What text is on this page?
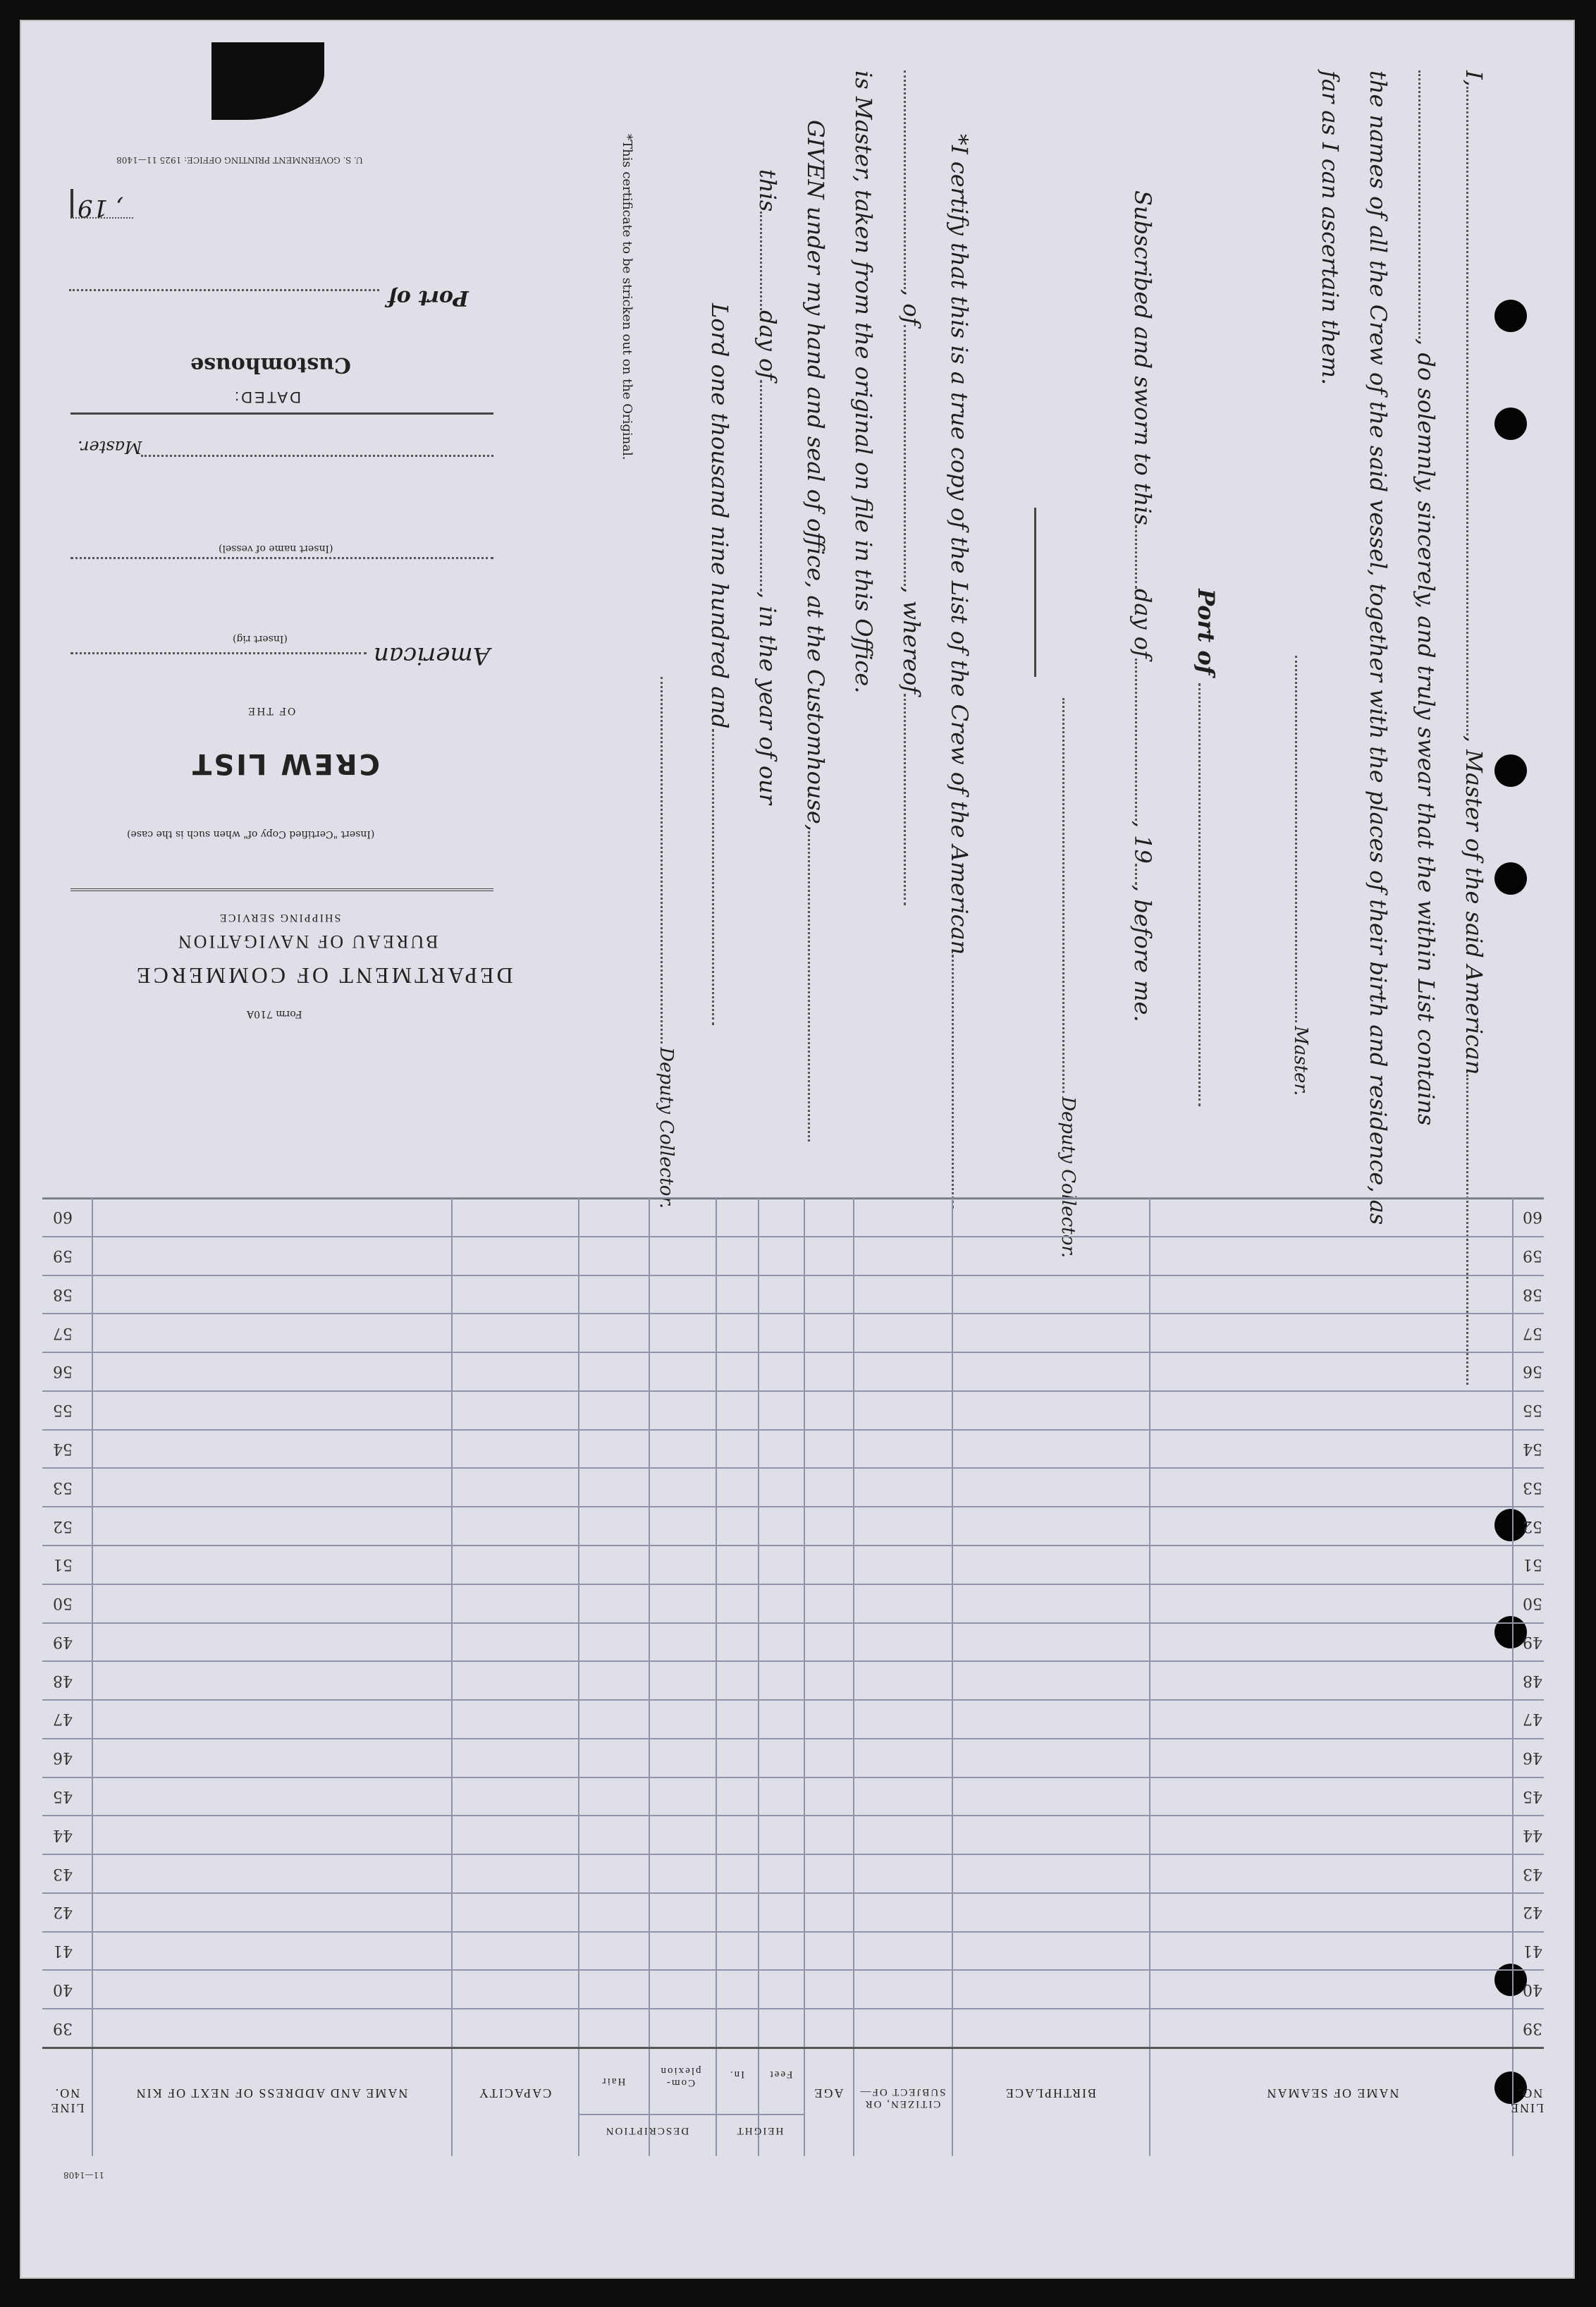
I,, Master of the said American
, do solemnly, sincerely, and truly swear that the within List contains
the names of all the Crew of the said vessel, together with the places of their birth and residence, as
far as I can ascertain them.
Master.
Port of
Subscribed and sworn to thisday of, 19, before me.
Deputy Collector.
*I certify that this is a true copy of the List of the Crew of the American
, of, whereof
is Master, taken from the original on file in this Office.
GIVEN under my hand and seal of office, at the Customhouse,
thisday of, in the year of our
Lord one thousand nine hundred and
Deputy Collector.
*This certificate to be stricken out on the Original.
U. S. GOVERNMENT PRINTING OFFICE: 1925 11—1408
, 19
Port of
Customhouse
DATED:
Master.
(Insert name of vessel)
(Insert rig)
American
OF THE
CREW LIST
(Insert "Certified Copy of" when such is the case)
SHIPPING SERVICE
BUREAU OF NAVIGATION
DEPARTMENT OF COMMERCE
Form 710A
60	60
59	59
58	58
57	57
56	56
55	55
54	54
53	53
52	52
51	51
50	50
49	49
48	48
47	47
46	46
45	45
44	44
43	43
42	42
41	41
40	40
39	39
LINE NO.	NAME AND ADDRESS OF NEXT OF KIN	CAPACITY
Hair	Com- plexion
DESCRIPTION
In.	Feet
HEIGHT
AGE
CITIZEN, OR SUBJECT OF—	BIRTHPLACE	NAME OF SEAMAN
LINE NO.
11—1408
